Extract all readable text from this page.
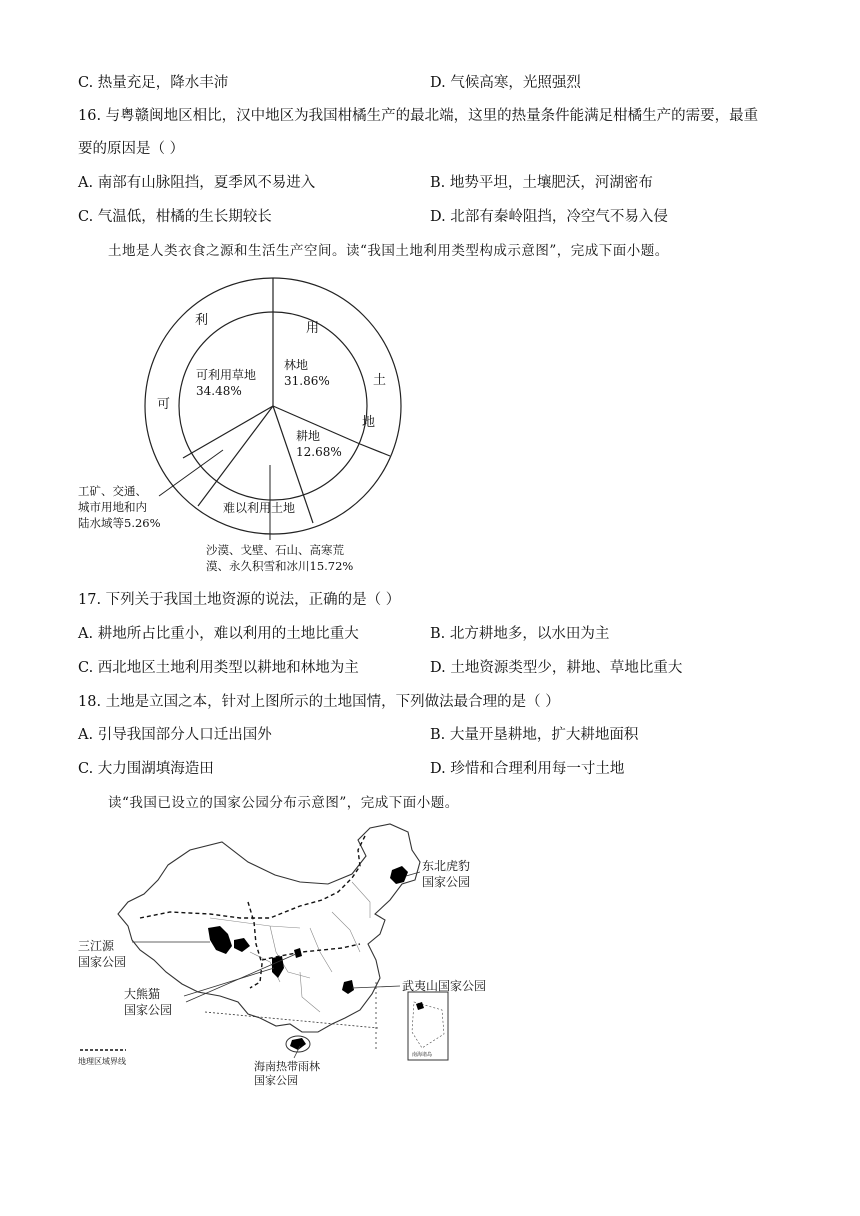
C. 热量充足，降水丰沛	D. 气候高寒，光照强烈
16. 与粤赣闽地区相比，汉中地区为我国柑橘生产的最北端，这里的热量条件能满足柑橘生产的需要，最重
要的原因是（ ）
A. 南部有山脉阻挡，夏季风不易进入	B. 地势平坦，土壤肥沃，河湖密布
C. 气温低，柑橘的生长期较长	D. 北部有秦岭阻挡，冷空气不易入侵
土地是人类衣食之源和生活生产空间。读“我国土地利用类型构成示意图”，完成下面小题。
可
利
用
土
地
可利用草地
34.48%
林地
31.86%
耕地
12.68%
难以利用土地
工矿、交通、
城市用地和内
陆水域等5.26%
沙漠、戈壁、石山、高寒荒
漠、永久积雪和冰川15.72%
17. 下列关于我国土地资源的说法，正确的是（ ）
A. 耕地所占比重小，难以利用的土地比重大	B. 北方耕地多，以水田为主
C. 西北地区土地利用类型以耕地和林地为主	D. 土地资源类型少，耕地、草地比重大
18. 土地是立国之本，针对上图所示的土地国情，下列做法最合理的是（ ）
A. 引导我国部分人口迁出国外	B. 大量开垦耕地，扩大耕地面积
C. 大力围湖填海造田	D. 珍惜和合理利用每一寸土地
读“我国已设立的国家公园分布示意图”，完成下面小题。
南海诸岛
东北虎豹
国家公园
三江源
国家公园
大熊猫
国家公园
武夷山国家公园
海南热带雨林
国家公园
地理区域界线
